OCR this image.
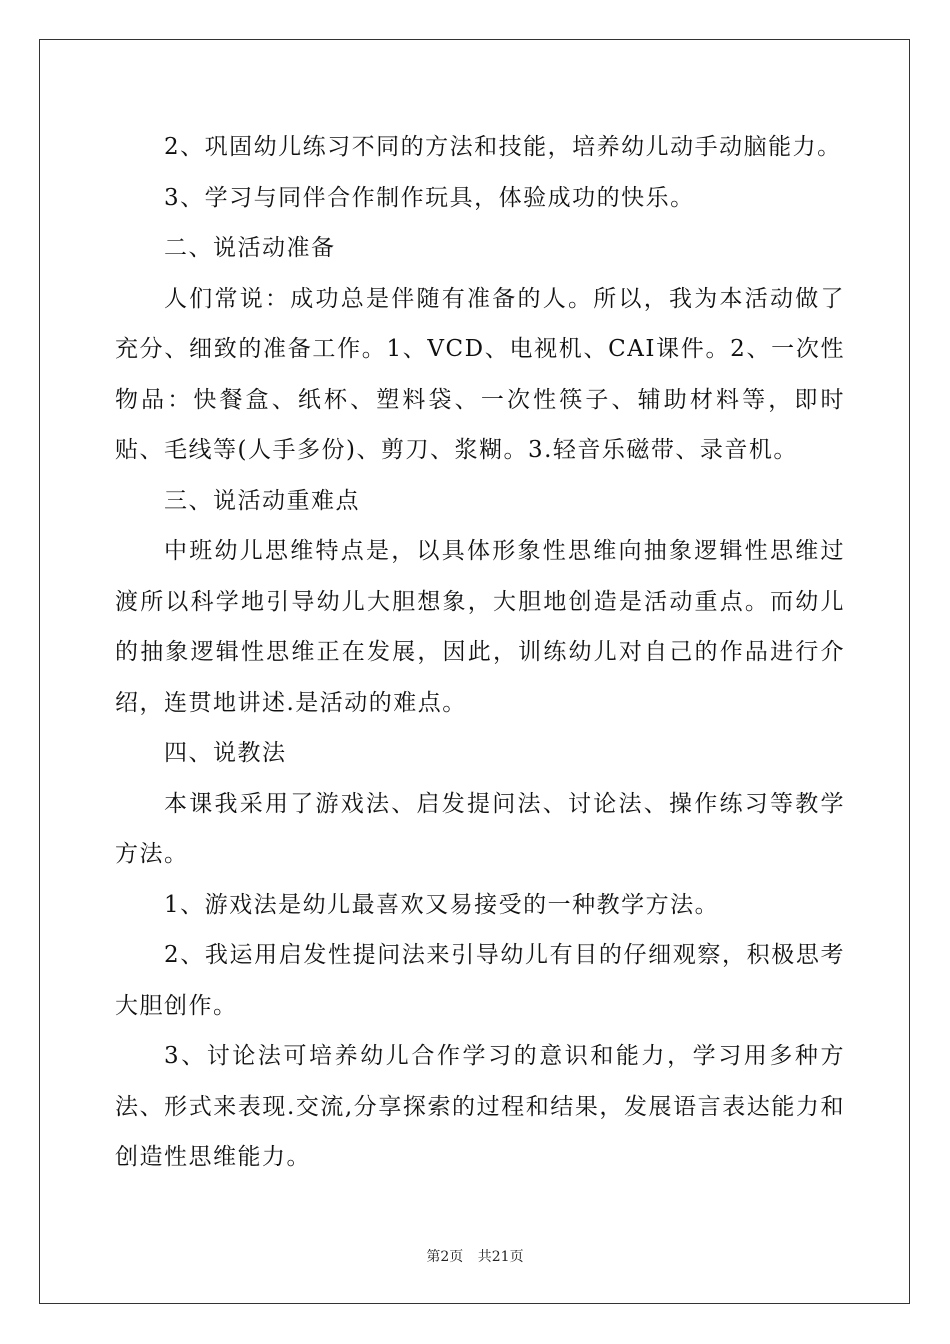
2、巩固幼儿练习不同的方法和技能，培养幼儿动手动脑能力。

3、学习与同伴合作制作玩具，体验成功的快乐。

二、说活动准备

人们常说：成功总是伴随有准备的人。所以，我为本活动做了充分、细致的准备工作。1、VCD、电视机、CAI课件。2、一次性物品：快餐盒、纸杯、塑料袋、一次性筷子、辅助材料等，即时贴、毛线等(人手多份)、剪刀、浆糊。3.轻音乐磁带、录音机。

三、说活动重难点

中班幼儿思维特点是，以具体形象性思维向抽象逻辑性思维过渡所以科学地引导幼儿大胆想象，大胆地创造是活动重点。而幼儿的抽象逻辑性思维正在发展，因此，训练幼儿对自己的作品进行介绍，连贯地讲述.是活动的难点。

四、说教法

本课我采用了游戏法、启发提问法、讨论法、操作练习等教学方法。

1、游戏法是幼儿最喜欢又易接受的一种教学方法。

2、我运用启发性提问法来引导幼儿有目的仔细观察，积极思考大胆创作。

3、讨论法可培养幼儿合作学习的意识和能力，学习用多种方法、形式来表现.交流,分享探索的过程和结果，发展语言表达能力和创造性思维能力。

第2页 共21页
